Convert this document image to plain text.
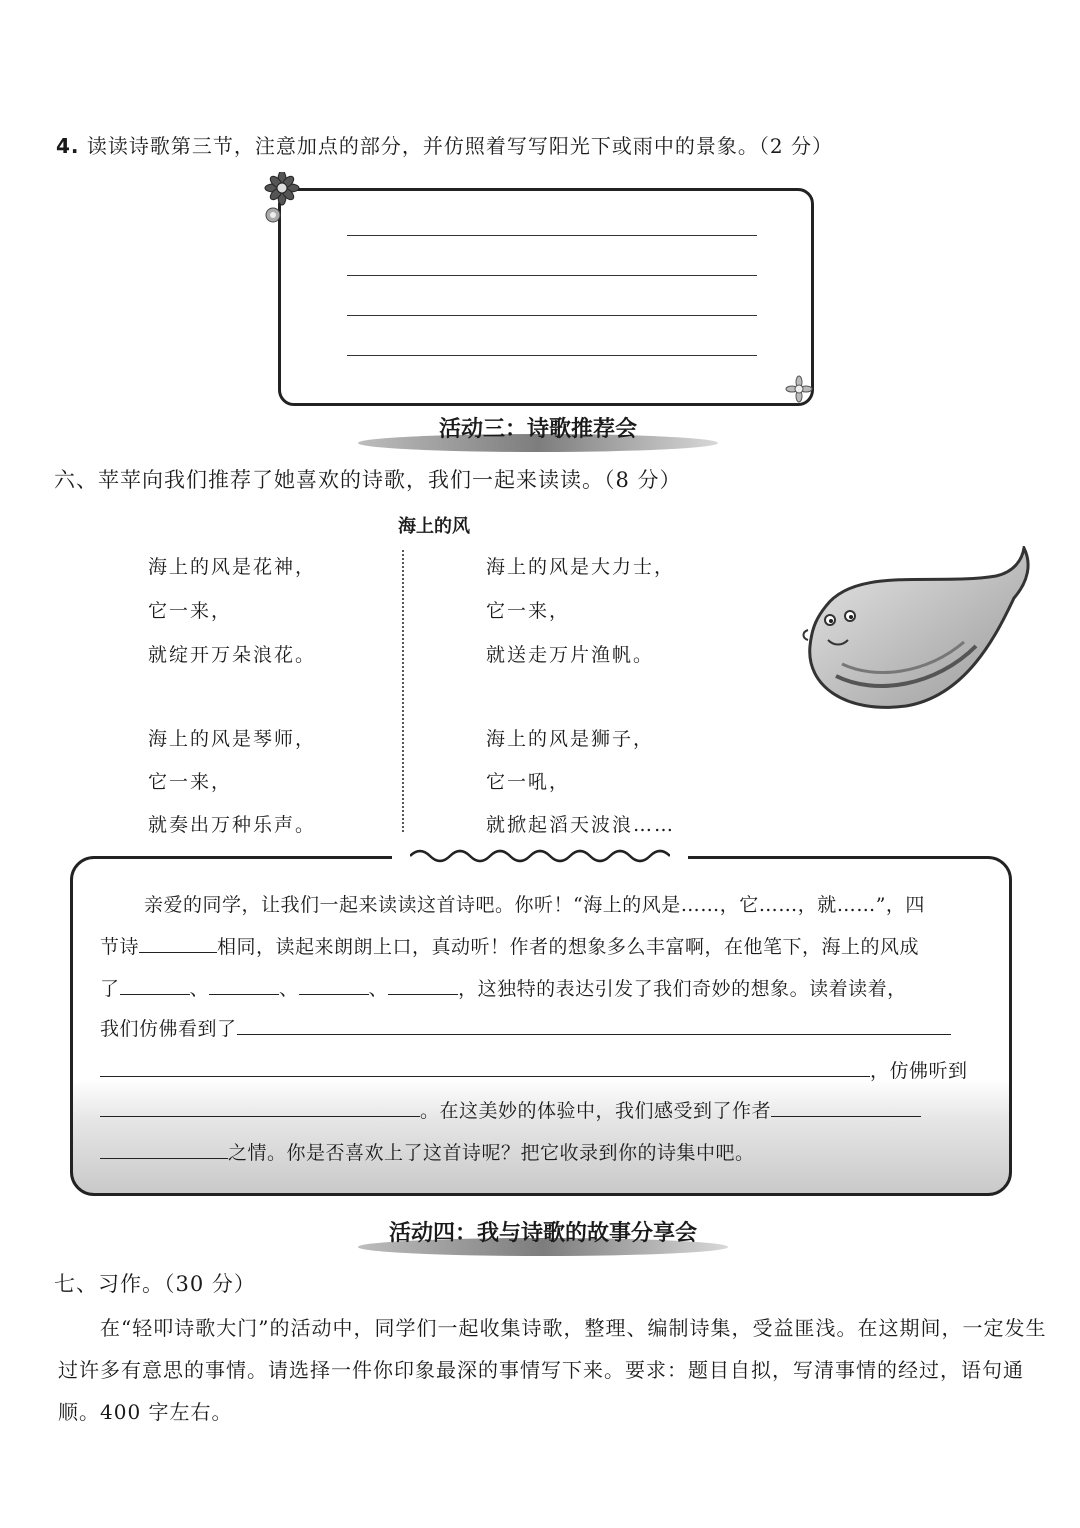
4. 读读诗歌第三节，注意加点的部分，并仿照着写写阳光下或雨中的景象。（2 分）
活动三：诗歌推荐会
六、苹苹向我们推荐了她喜欢的诗歌，我们一起来读读。（8 分）
海上的风
海上的风是花神，
它一来，
就绽开万朵浪花。
海上的风是琴师，
它一来，
就奏出万种乐声。
海上的风是大力士，
它一来，
就送走万片渔帆。
海上的风是狮子，
它一吼，
就掀起滔天波浪……
亲爱的同学，让我们一起来读读这首诗吧。你听！“海上的风是……，它……，就……”，四
节诗	相同，读起来朗朗上口，真动听！作者的想象多么丰富啊，在他笔下，海上的风成
了	、	、	、	，这独特的表达引发了我们奇妙的想象。读着读着，
我们仿佛看到了
，仿佛听到
。在这美妙的体验中，我们感受到了作者
之情。你是否喜欢上了这首诗呢？把它收录到你的诗集中吧。
活动四：我与诗歌的故事分享会
七、习作。（30 分）
在“轻叩诗歌大门”的活动中，同学们一起收集诗歌，整理、编制诗集，受益匪浅。在这期间，一定发生
过许多有意思的事情。请选择一件你印象最深的事情写下来。要求：题目自拟，写清事情的经过，语句通
顺。400 字左右。
